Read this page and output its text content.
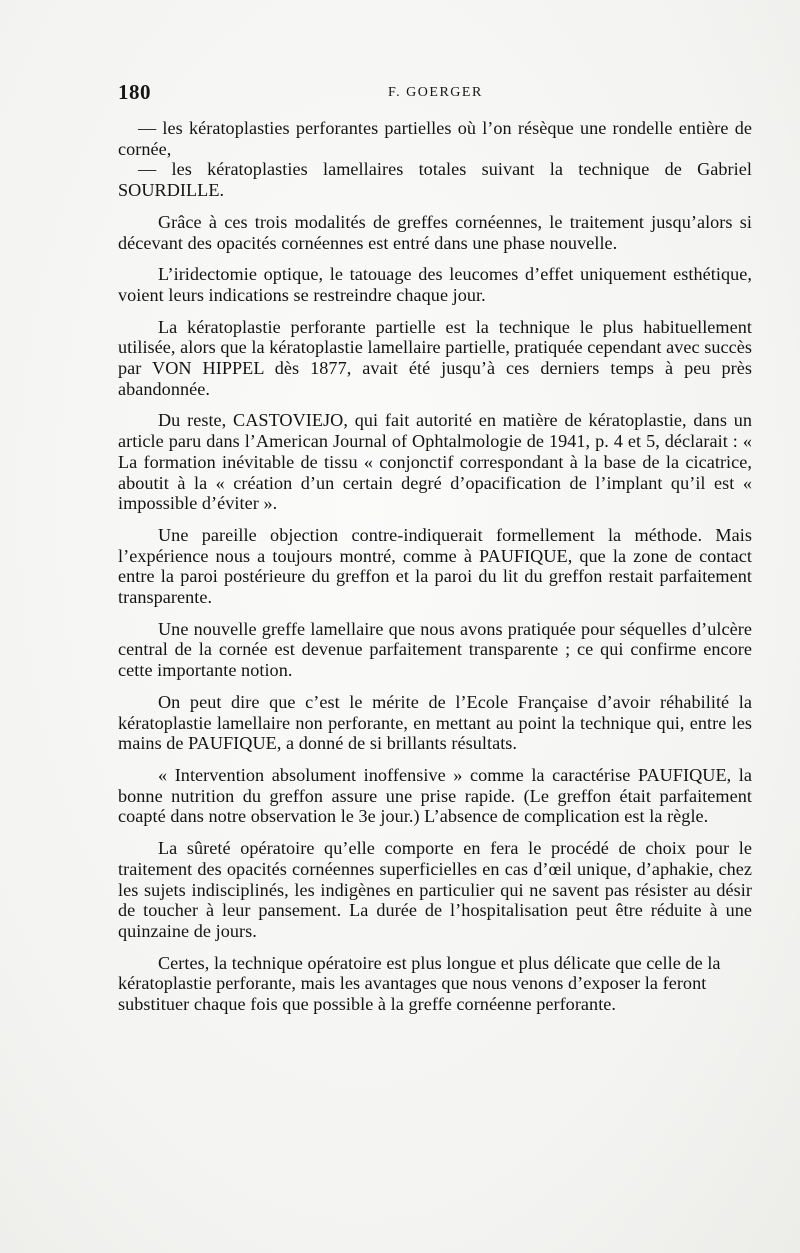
180	F. GOERGER

— les kératoplasties perforantes partielles où l’on résèque une rondelle entière de cornée,

— les kératoplasties lamellaires totales suivant la technique de Gabriel SOURDILLE.

Grâce à ces trois modalités de greffes cornéennes, le traitement jusqu’alors si décevant des opacités cornéennes est entré dans une phase nouvelle.

L’iridectomie optique, le tatouage des leucomes d’effet uniquement esthétique, voient leurs indications se restreindre chaque jour.

La kératoplastie perforante partielle est la technique le plus habituellement utilisée, alors que la kératoplastie lamellaire partielle, pratiquée cependant avec succès par VON HIPPEL dès 1877, avait été jusqu’à ces derniers temps à peu près abandonnée.

Du reste, CASTOVIEJO, qui fait autorité en matière de kératoplastie, dans un article paru dans l’American Journal of Ophtalmologie de 1941, p. 4 et 5, déclarait : « La formation inévitable de tissu « conjonctif correspondant à la base de la cicatrice, aboutit à la « création d’un certain degré d’opacification de l’implant qu’il est « impossible d’éviter ».

Une pareille objection contre-indiquerait formellement la méthode. Mais l’expérience nous a toujours montré, comme à PAUFIQUE, que la zone de contact entre la paroi postérieure du greffon et la paroi du lit du greffon restait parfaitement transparente.

Une nouvelle greffe lamellaire que nous avons pratiquée pour séquelles d’ulcère central de la cornée est devenue parfaitement transparente ; ce qui confirme encore cette importante notion.

On peut dire que c’est le mérite de l’Ecole Française d’avoir réhabilité la kératoplastie lamellaire non perforante, en mettant au point la technique qui, entre les mains de PAUFIQUE, a donné de si brillants résultats.

« Intervention absolument inoffensive » comme la caractérise PAUFIQUE, la bonne nutrition du greffon assure une prise rapide. (Le greffon était parfaitement coapté dans notre observation le 3e jour.) L’absence de complication est la règle.

La sûreté opératoire qu’elle comporte en fera le procédé de choix pour le traitement des opacités cornéennes superficielles en cas d’œil unique, d’aphakie, chez les sujets indisciplinés, les indigènes en particulier qui ne savent pas résister au désir de toucher à leur pansement. La durée de l’hospitalisation peut être réduite à une quinzaine de jours.

Certes, la technique opératoire est plus longue et plus délicate que celle de la kératoplastie perforante, mais les avantages que nous venons d’exposer la feront substituer chaque fois que possible à la greffe cornéenne perforante.
